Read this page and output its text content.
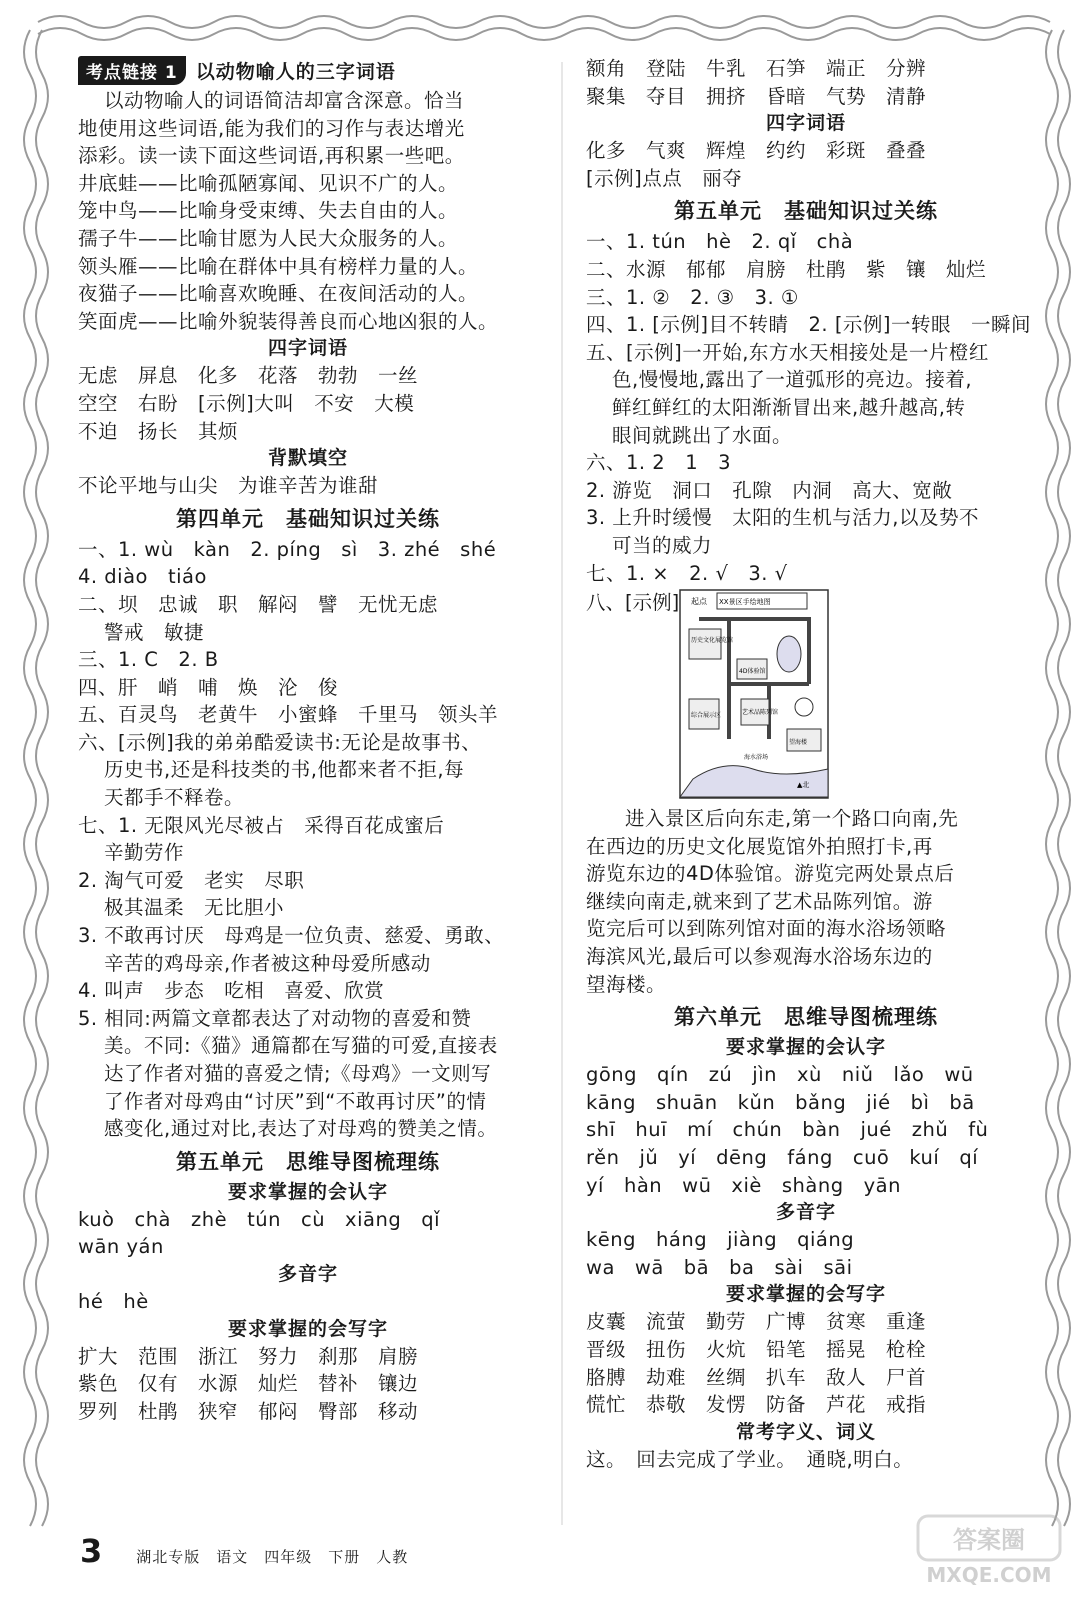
考点链接 1 以动物喻人的三字词语
以动物喻人的词语简洁却富含深意。恰当
地使用这些词语,能为我们的习作与表达增光
添彩。读一读下面这些词语,再积累一些吧。
井底蛙——比喻孤陋寡闻、见识不广的人。
笼中鸟——比喻身受束缚、失去自由的人。
孺子牛——比喻甘愿为人民大众服务的人。
领头雁——比喻在群体中具有榜样力量的人。
夜猫子——比喻喜欢晚睡、在夜间活动的人。
笑面虎——比喻外貌装得善良而心地凶狠的人。
四字词语
无虑　屏息　化多　花落　勃勃　一丝
空空　右盼　[示例]大叫　不安　大模
不迫　扬长　其烦
背默填空
不论平地与山尖　为谁辛苦为谁甜
第四单元　基础知识过关练
一、1. wù　kàn　2. píng　sì　3. zhé　shé
4. diào　tiáo
二、坝　忠诚　职　解闷　譬　无忧无虑
警戒　敏捷
三、1. C　2. B
四、肝　峭　哺　焕　沦　俊
五、百灵鸟　老黄牛　小蜜蜂　千里马　领头羊
六、[示例]我的弟弟酷爱读书:无论是故事书、
历史书,还是科技类的书,他都来者不拒,每
天都手不释卷。
七、1. 无限风光尽被占　采得百花成蜜后
辛勤劳作
2. 淘气可爱　老实　尽职
极其温柔　无比胆小
3. 不敢再讨厌　母鸡是一位负责、慈爱、勇敢、
辛苦的鸡母亲,作者被这种母爱所感动
4. 叫声　步态　吃相　喜爱、欣赏
5. 相同:两篇文章都表达了对动物的喜爱和赞
美。不同:《猫》通篇都在写猫的可爱,直接表
达了作者对猫的喜爱之情;《母鸡》一文则写
了作者对母鸡由“讨厌”到“不敢再讨厌”的情
感变化,通过对比,表达了对母鸡的赞美之情。
第五单元　思维导图梳理练
要求掌握的会认字
kuò　chà　zhè　tún　cù　xiāng　qǐ
wān yán
多音字
hé　hè
要求掌握的会写字
扩大　范围　浙江　努力　刹那　肩膀
紫色　仅有　水源　灿烂　替补　镶边
罗列　杜鹃　狭窄　郁闷　臀部　移动
额角　登陆　牛乳　石笋　端正　分辨
聚集　夺目　拥挤　昏暗　气势　清静
四字词语
化多　气爽　辉煌　约约　彩斑　叠叠
[示例]点点　丽夺
第五单元　基础知识过关练
一、1. tún　hè　2. qǐ　chà
二、水源　郁郁　肩膀　杜鹃　紫　镶　灿烂
三、1. ②　2. ③　3. ①
四、1. [示例]目不转睛　2. [示例]一转眼　一瞬间
五、[示例]一开始,东方水天相接处是一片橙红
色,慢慢地,露出了一道弧形的亮边。接着,
鲜红鲜红的太阳渐渐冒出来,越升越高,转
眼间就跳出了水面。
六、1. 2　1　3
2. 游览　洞口　孔隙　内洞　高大、宽敞
3. 上升时缓慢　太阳的生机与活力,以及势不
可当的威力
七、1. ×　2. √　3. √
八、[示例] 起点 XX景区手绘地图
历史文化展览馆
4D体验馆
艺术品陈列馆
综合展示区
望海楼
海水浴场
▲北
进入景区后向东走,第一个路口向南,先
在西边的历史文化展览馆外拍照打卡,再
游览东边的4D体验馆。游览完两处景点后
继续向南走,就来到了艺术品陈列馆。游
览完后可以到陈列馆对面的海水浴场领略
海滨风光,最后可以参观海水浴场东边的
望海楼。
第六单元　思维导图梳理练
要求掌握的会认字
gōng　qín　zú　jìn　xù　niǔ　lǎo　wū
kāng　shuān　kǔn　bǎng　jié　bì　bā
shī　huī　mí　chún　bàn　jué　zhǔ　fù
rěn　jǔ　yí　dēng　fáng　cuō　kuí　qí
yí　hàn　wū　xiè　shàng　yān
多音字
kēng　háng　jiàng　qiáng
wa　wā　bā　ba　sài　sāi
要求掌握的会写字
皮囊　流萤　勤劳　广博　贫寒　重逢
晋级　扭伤　火炕　铅笔　摇晃　枪栓
胳膊　劫难　丝绸　扒车　敌人　尸首
慌忙　恭敬　发愣　防备　芦花　戒指
常考字义、词义
这。　回去完成了学业。　通晓,明白。
3 湖北专版　语文　四年级　下册　人教
答案圈
MXQE.COM
